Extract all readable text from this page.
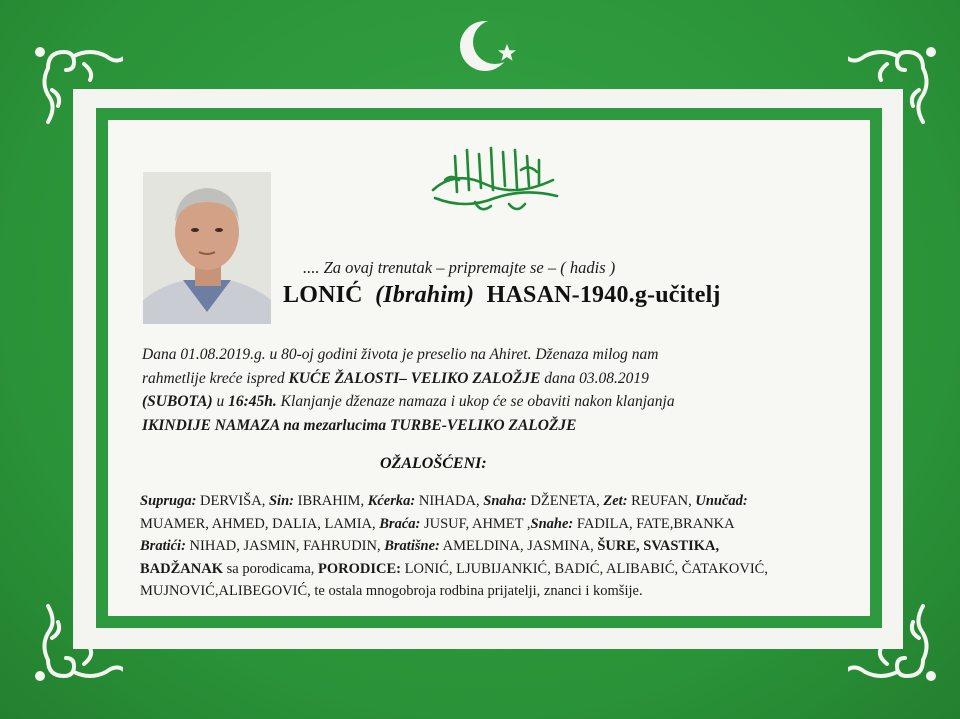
.... Za ovaj trenutak – pripremajte se – ( hadis )
LONIĆ (Ibrahim) HASAN-1940.g-učitelj
Dana 01.08.2019.g. u 80-oj godini života je preselio na Ahiret. Dženaza milog nam
rahmetlije kreće ispred KUĆE ŽALOSTI– VELIKO ZALOŽJE dana 03.08.2019
(SUBOTA) u 16:45h. Klanjanje dženaze namaza i ukop će se obaviti nakon klanjanja
IKINDIJE NAMAZA na mezarlucima TURBE-VELIKO ZALOŽJE
OŽALOŠĆENI:
Supruga: DERVIŠA, Sin: IBRAHIM, Kćerka: NIHADA, Snaha: DŽENETA, Zet: REUFAN, Unučad:
MUAMER, AHMED, DALIA, LAMIA, Braća: JUSUF, AHMET ,Snahe: FADILA, FATE,BRANKA
Bratići: NIHAD, JASMIN, FAHRUDIN, Bratišne: AMELDINA, JASMINA, ŠURE, SVASTIKA,
BADŽANAK sa porodicama, PORODICE: LONIĆ, LJUBIJANKIĆ, BADIĆ, ALIBABIĆ, ČATAKOVIĆ,
MUJNOVIĆ,ALIBEGOVIĆ, te ostala mnogobroja rodbina prijatelji, znanci i komšije.
